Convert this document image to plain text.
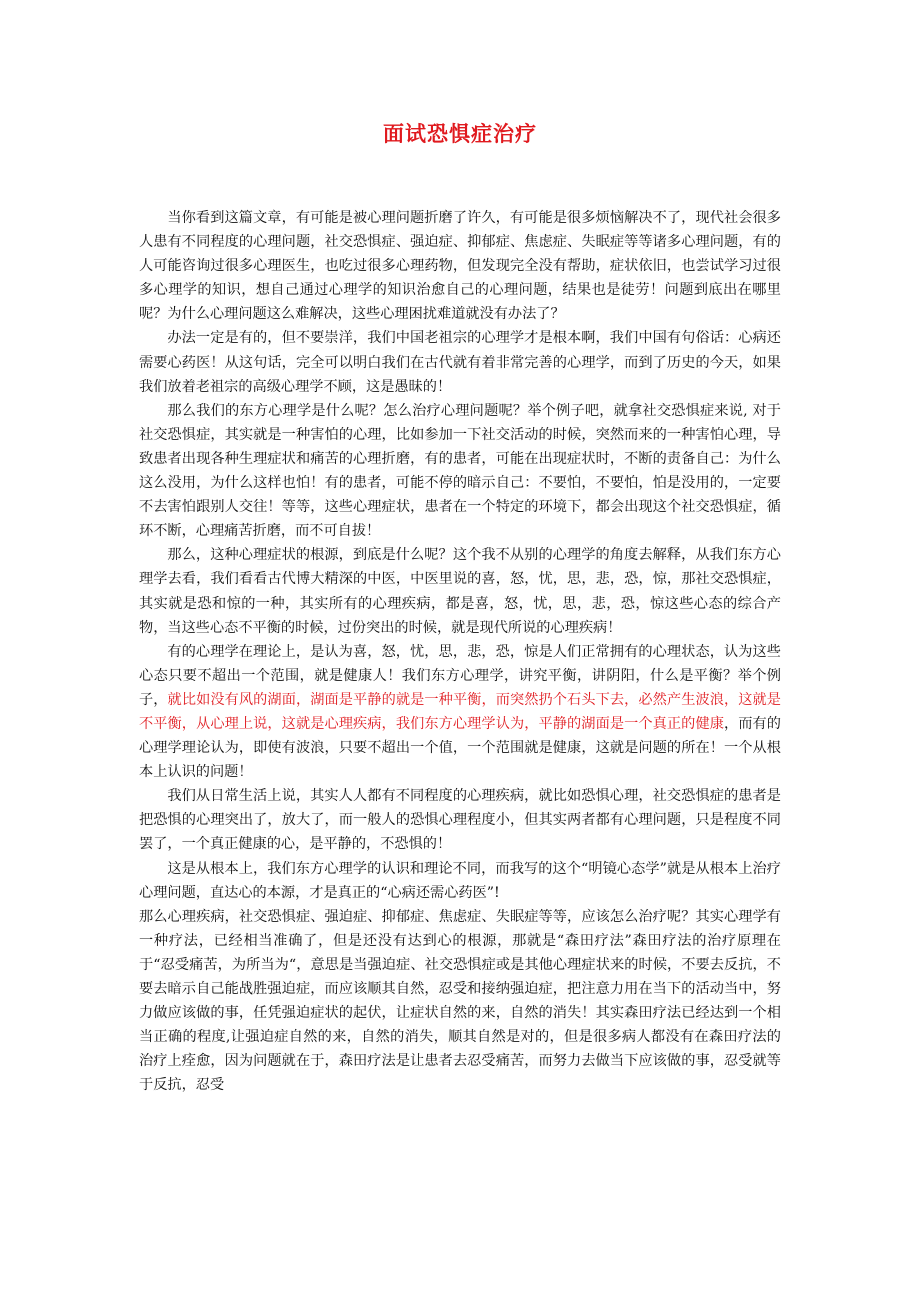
面试恐惧症治疗

当你看到这篇文章，有可能是被心理问题折磨了许久，有可能是很多烦恼解决不了，现代社会很多人患有不同程度的心理问题，社交恐惧症、强迫症、抑郁症、焦虑症、失眠症等等诸多心理问题，有的人可能咨询过很多心理医生，也吃过很多心理药物，但发现完全没有帮助，症状依旧，也尝试学习过很多心理学的知识，想自己通过心理学的知识治愈自己的心理问题，结果也是徒劳！问题到底出在哪里呢？为什么心理问题这么难解决，这些心理困扰难道就没有办法了？

办法一定是有的，但不要崇洋，我们中国老祖宗的心理学才是根本啊，我们中国有句俗话：心病还需要心药医！从这句话，完全可以明白我们在古代就有着非常完善的心理学，而到了历史的今天，如果我们放着老祖宗的高级心理学不顾，这是愚昧的！

那么我们的东方心理学是什么呢？怎么治疗心理问题呢？举个例子吧，就拿社交恐惧症来说, 对于社交恐惧症，其实就是一种害怕的心理，比如参加一下社交活动的时候，突然而来的一种害怕心理，导致患者出现各种生理症状和痛苦的心理折磨，有的患者，可能在出现症状时，不断的责备自己：为什么这么没用，为什么这样也怕！有的患者，可能不停的暗示自己：不要怕，不要怕，怕是没用的，一定要不去害怕跟别人交往！等等，这些心理症状，患者在一个特定的环境下，都会出现这个社交恐惧症，循环不断，心理痛苦折磨，而不可自拔！

那么，这种心理症状的根源，到底是什么呢？这个我不从别的心理学的角度去解释，从我们东方心理学去看，我们看看古代博大精深的中医，中医里说的喜，怒，忧，思，悲，恐，惊，那社交恐惧症，其实就是恐和惊的一种，其实所有的心理疾病，都是喜，怒，忧，思，悲，恐，惊这些心态的综合产物，当这些心态不平衡的时候，过份突出的时候，就是现代所说的心理疾病！

有的心理学在理论上，是认为喜，怒，忧，思，悲，恐，惊是人们正常拥有的心理状态，认为这些心态只要不超出一个范围，就是健康人！我们东方心理学，讲究平衡，讲阴阳，什么是平衡？举个例子，就比如没有风的湖面，湖面是平静的就是一种平衡，而突然扔个石头下去，必然产生波浪，这就是不平衡，从心理上说，这就是心理疾病，我们东方心理学认为，平静的湖面是一个真正的健康，而有的心理学理论认为，即使有波浪，只要不超出一个值，一个范围就是健康，这就是问题的所在！一个从根本上认识的问题！

我们从日常生活上说，其实人人都有不同程度的心理疾病，就比如恐惧心理，社交恐惧症的患者是把恐惧的心理突出了，放大了，而一般人的恐惧心理程度小，但其实两者都有心理问题，只是程度不同罢了，一个真正健康的心，是平静的，不恐惧的！

这是从根本上，我们东方心理学的认识和理论不同，而我写的这个“明镜心态学”就是从根本上治疗心理问题，直达心的本源，才是真正的“心病还需心药医”!

那么心理疾病，社交恐惧症、强迫症、抑郁症、焦虑症、失眠症等等，应该怎么治疗呢？其实心理学有一种疗法，已经相当准确了，但是还没有达到心的根源，那就是“森田疗法”森田疗法的治疗原理在于“忍受痛苦，为所当为“，意思是当强迫症、社交恐惧症或是其他心理症状来的时候，不要去反抗，不要去暗示自己能战胜强迫症，而应该顺其自然，忍受和接纳强迫症，把注意力用在当下的活动当中，努力做应该做的事，任凭强迫症状的起伏，让症状自然的来，自然的消失！其实森田疗法已经达到一个相当正确的程度,让强迫症自然的来，自然的消失，顺其自然是对的，但是很多病人都没有在森田疗法的治疗上痊愈，因为问题就在于，森田疗法是让患者去忍受痛苦，而努力去做当下应该做的事，忍受就等于反抗，忍受
